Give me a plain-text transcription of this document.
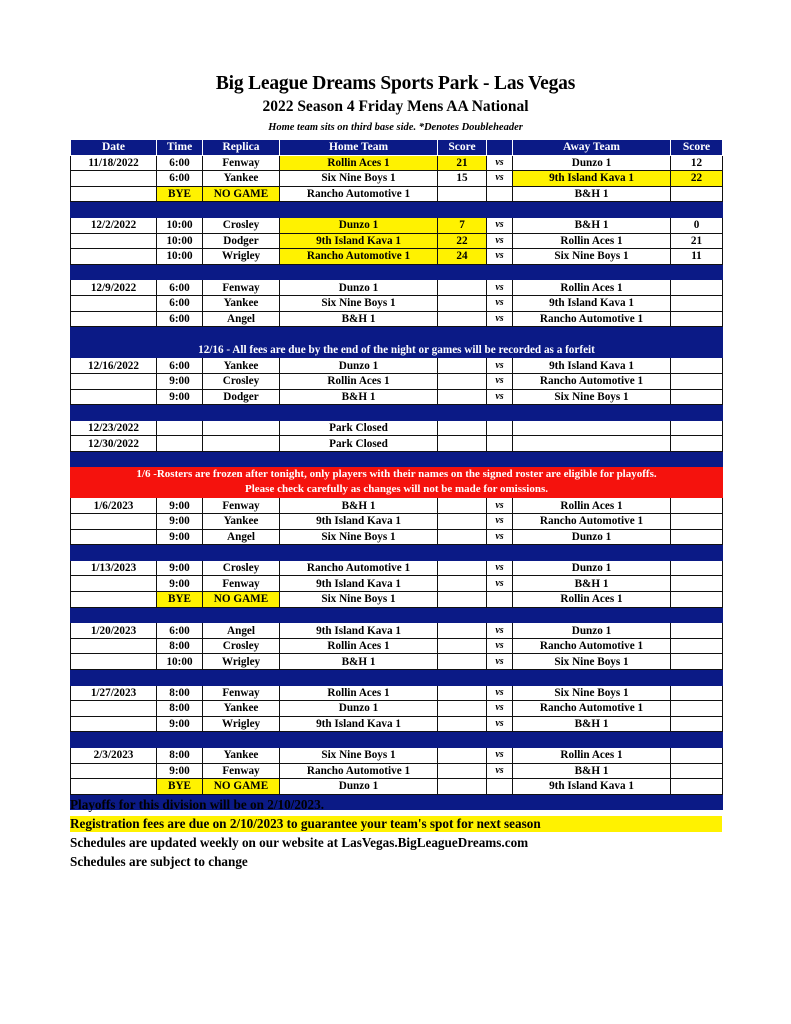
Big League Dreams Sports Park - Las Vegas
2022 Season 4 Friday Mens AA National
Home team sits on third base side. *Denotes Doubleheader
Date	Time	Replica	Home Team	Score		Away Team	Score
11/18/2022	6:00	Fenway	Rollin Aces 1	21	vs	Dunzo 1	12
	6:00	Yankee	Six Nine Boys 1	15	vs	9th Island Kava 1	22
	BYE	NO GAME	Rancho Automotive 1			B&H 1	

12/2/2022	10:00	Crosley	Dunzo 1	7	vs	B&H 1	0
	10:00	Dodger	9th Island Kava 1	22	vs	Rollin Aces 1	21
	10:00	Wrigley	Rancho Automotive 1	24	vs	Six Nine Boys 1	11

12/9/2022	6:00	Fenway	Dunzo 1		vs	Rollin Aces 1	
	6:00	Yankee	Six Nine Boys 1		vs	9th Island Kava 1	
	6:00	Angel	B&H 1		vs	Rancho Automotive 1	

12/16 - All fees are due by the end of the night or games will be recorded as a forfeit							

12/16/2022	6:00	Yankee	Dunzo 1		vs	9th Island Kava 1	
	9:00	Crosley	Rollin Aces 1		vs	Rancho Automotive 1	
	9:00	Dodger	B&H 1		vs	Six Nine Boys 1	

12/23/2022			Park Closed				
12/30/2022			Park Closed				

1/6 -Rosters are frozen after tonight, only players with their names on the signed roster are eligible for playoffs.
Please check carefully as changes will not be made for omissions.							

1/6/2023	9:00	Fenway	B&H 1		vs	Rollin Aces 1	
	9:00	Yankee	9th Island Kava 1		vs	Rancho Automotive 1	
	9:00	Angel	Six Nine Boys 1		vs	Dunzo 1	

1/13/2023	9:00	Crosley	Rancho Automotive 1		vs	Dunzo 1	
	9:00	Fenway	9th Island Kava 1		vs	B&H 1	
	BYE	NO GAME	Six Nine Boys 1			Rollin Aces 1	

1/20/2023	6:00	Angel	9th Island Kava 1		vs	Dunzo 1	
	8:00	Crosley	Rollin Aces 1		vs	Rancho Automotive 1	
	10:00	Wrigley	B&H 1		vs	Six Nine Boys 1	

1/27/2023	8:00	Fenway	Rollin Aces 1		vs	Six Nine Boys 1	
	8:00	Yankee	Dunzo 1		vs	Rancho Automotive 1	
	9:00	Wrigley	9th Island Kava 1		vs	B&H 1	

2/3/2023	8:00	Yankee	Six Nine Boys 1		vs	Rollin Aces 1	
	9:00	Fenway	Rancho Automotive 1		vs	B&H 1	
	BYE	NO GAME	Dunzo 1			9th Island Kava 1	

Playoffs for this division will be on 2/10/2023.
Registration fees are due on 2/10/2023 to guarantee your team's spot for next season
Schedules are updated weekly on our website at LasVegas.BigLeagueDreams.com
Schedules are subject to change
